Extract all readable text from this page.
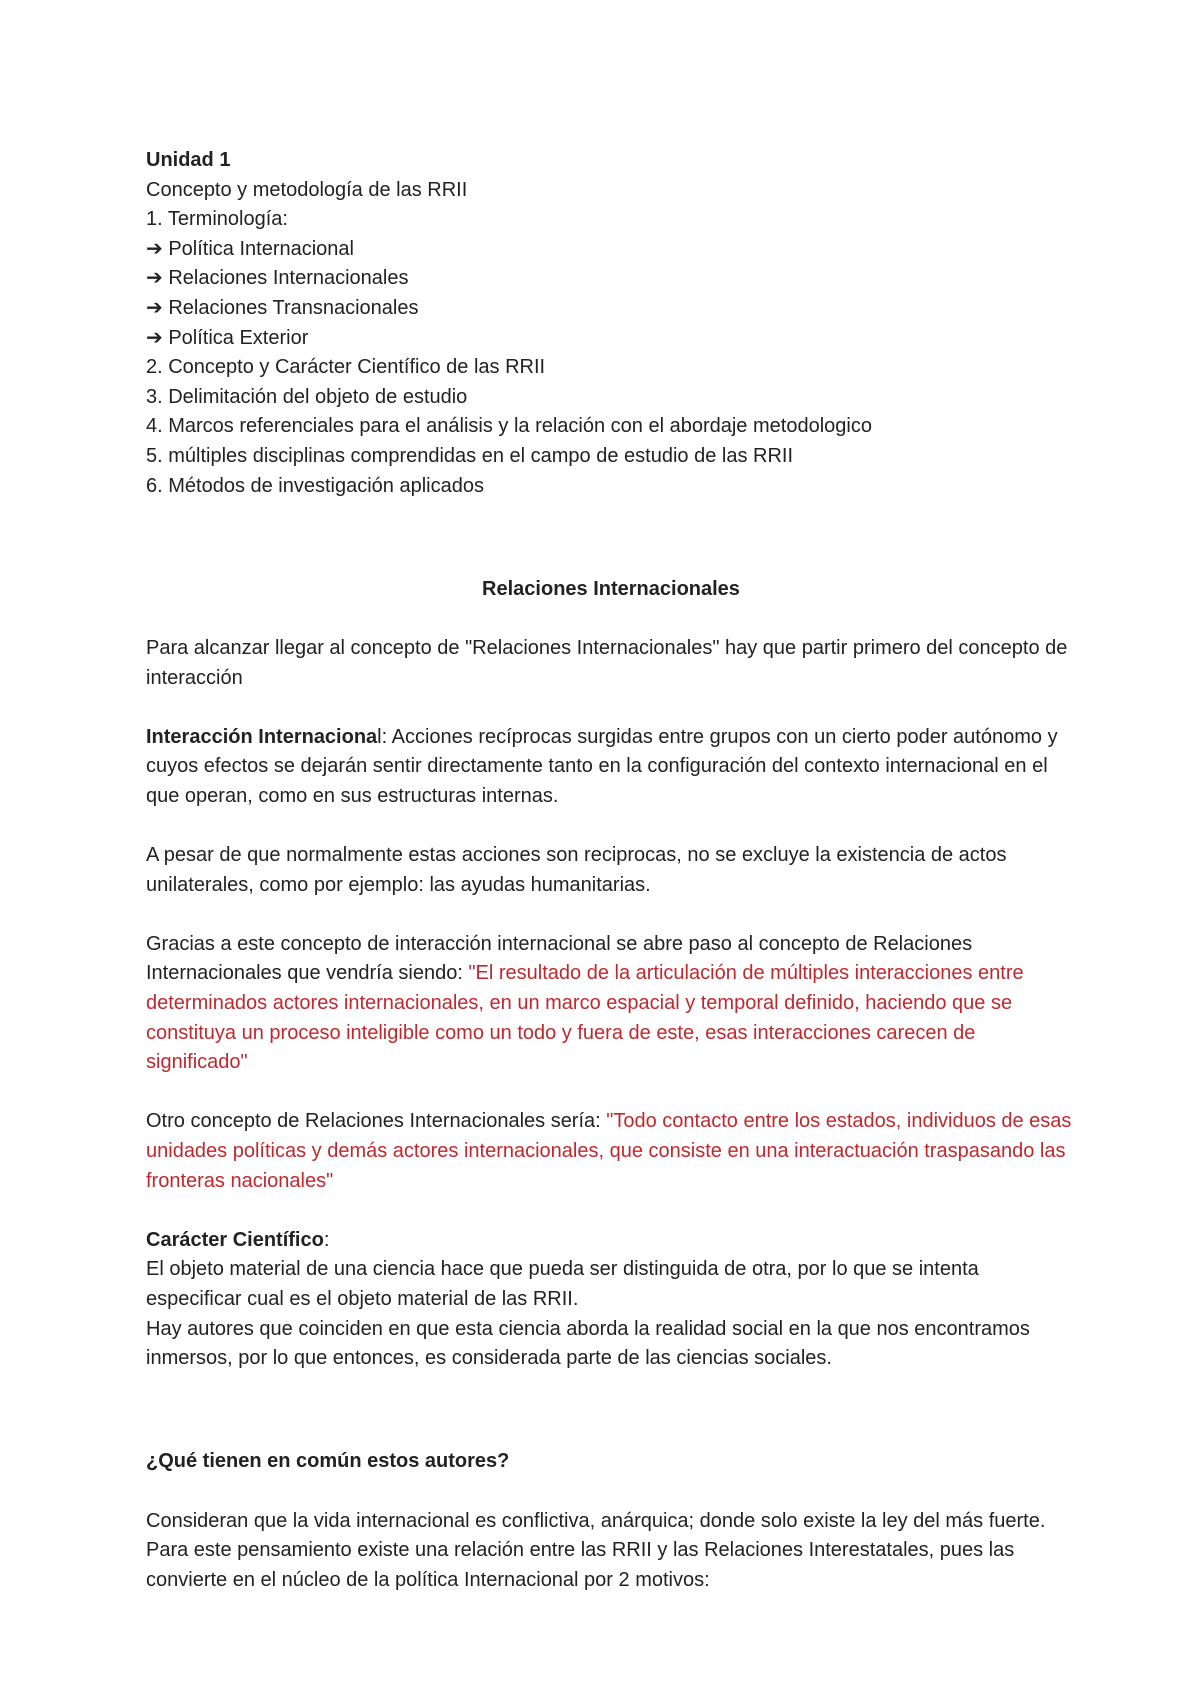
Unidad 1

Concepto y metodología de las RRII

1. Terminología:

➔ Política Internacional

➔ Relaciones Internacionales

➔ Relaciones Transnacionales

➔ Política Exterior

2. Concepto y Carácter Científico de las RRII

3. Delimitación del objeto de estudio

4. Marcos referenciales para el análisis y la relación con el abordaje metodologico

5. múltiples disciplinas comprendidas en el campo de estudio de las RRII

6. Métodos de investigación aplicados

Relaciones Internacionales

Para alcanzar llegar al concepto de "Relaciones Internacionales" hay que partir primero del concepto de interacción

Interacción Internacional: Acciones recíprocas surgidas entre grupos con un cierto poder autónomo y cuyos efectos se dejarán sentir directamente tanto en la configuración del contexto internacional en el que operan, como en sus estructuras internas.

A pesar de que normalmente estas acciones son reciprocas, no se excluye la existencia de actos unilaterales, como por ejemplo: las ayudas humanitarias.

Gracias a este concepto de interacción internacional se abre paso al concepto de Relaciones Internacionales que vendría siendo: "El resultado de la articulación de múltiples interacciones entre determinados actores internacionales, en un marco espacial y temporal definido, haciendo que se constituya un proceso inteligible como un todo y fuera de este, esas interacciones carecen de significado"

Otro concepto de Relaciones Internacionales sería: "Todo contacto entre los estados, individuos de esas unidades políticas y demás actores internacionales, que consiste en una interactuación traspasando las fronteras nacionales"

Carácter Científico:

El objeto material de una ciencia hace que pueda ser distinguida de otra, por lo que se intenta especificar cual es el objeto material de las RRII.

Hay autores que coinciden en que esta ciencia aborda la realidad social en la que nos encontramos inmersos, por lo que entonces, es considerada parte de las ciencias sociales.

¿Qué tienen en común estos autores?

Consideran que la vida internacional es conflictiva, anárquica; donde solo existe la ley del más fuerte. Para este pensamiento existe una relación entre las RRII y las Relaciones Interestatales, pues las convierte en el núcleo de la política Internacional por 2 motivos:
